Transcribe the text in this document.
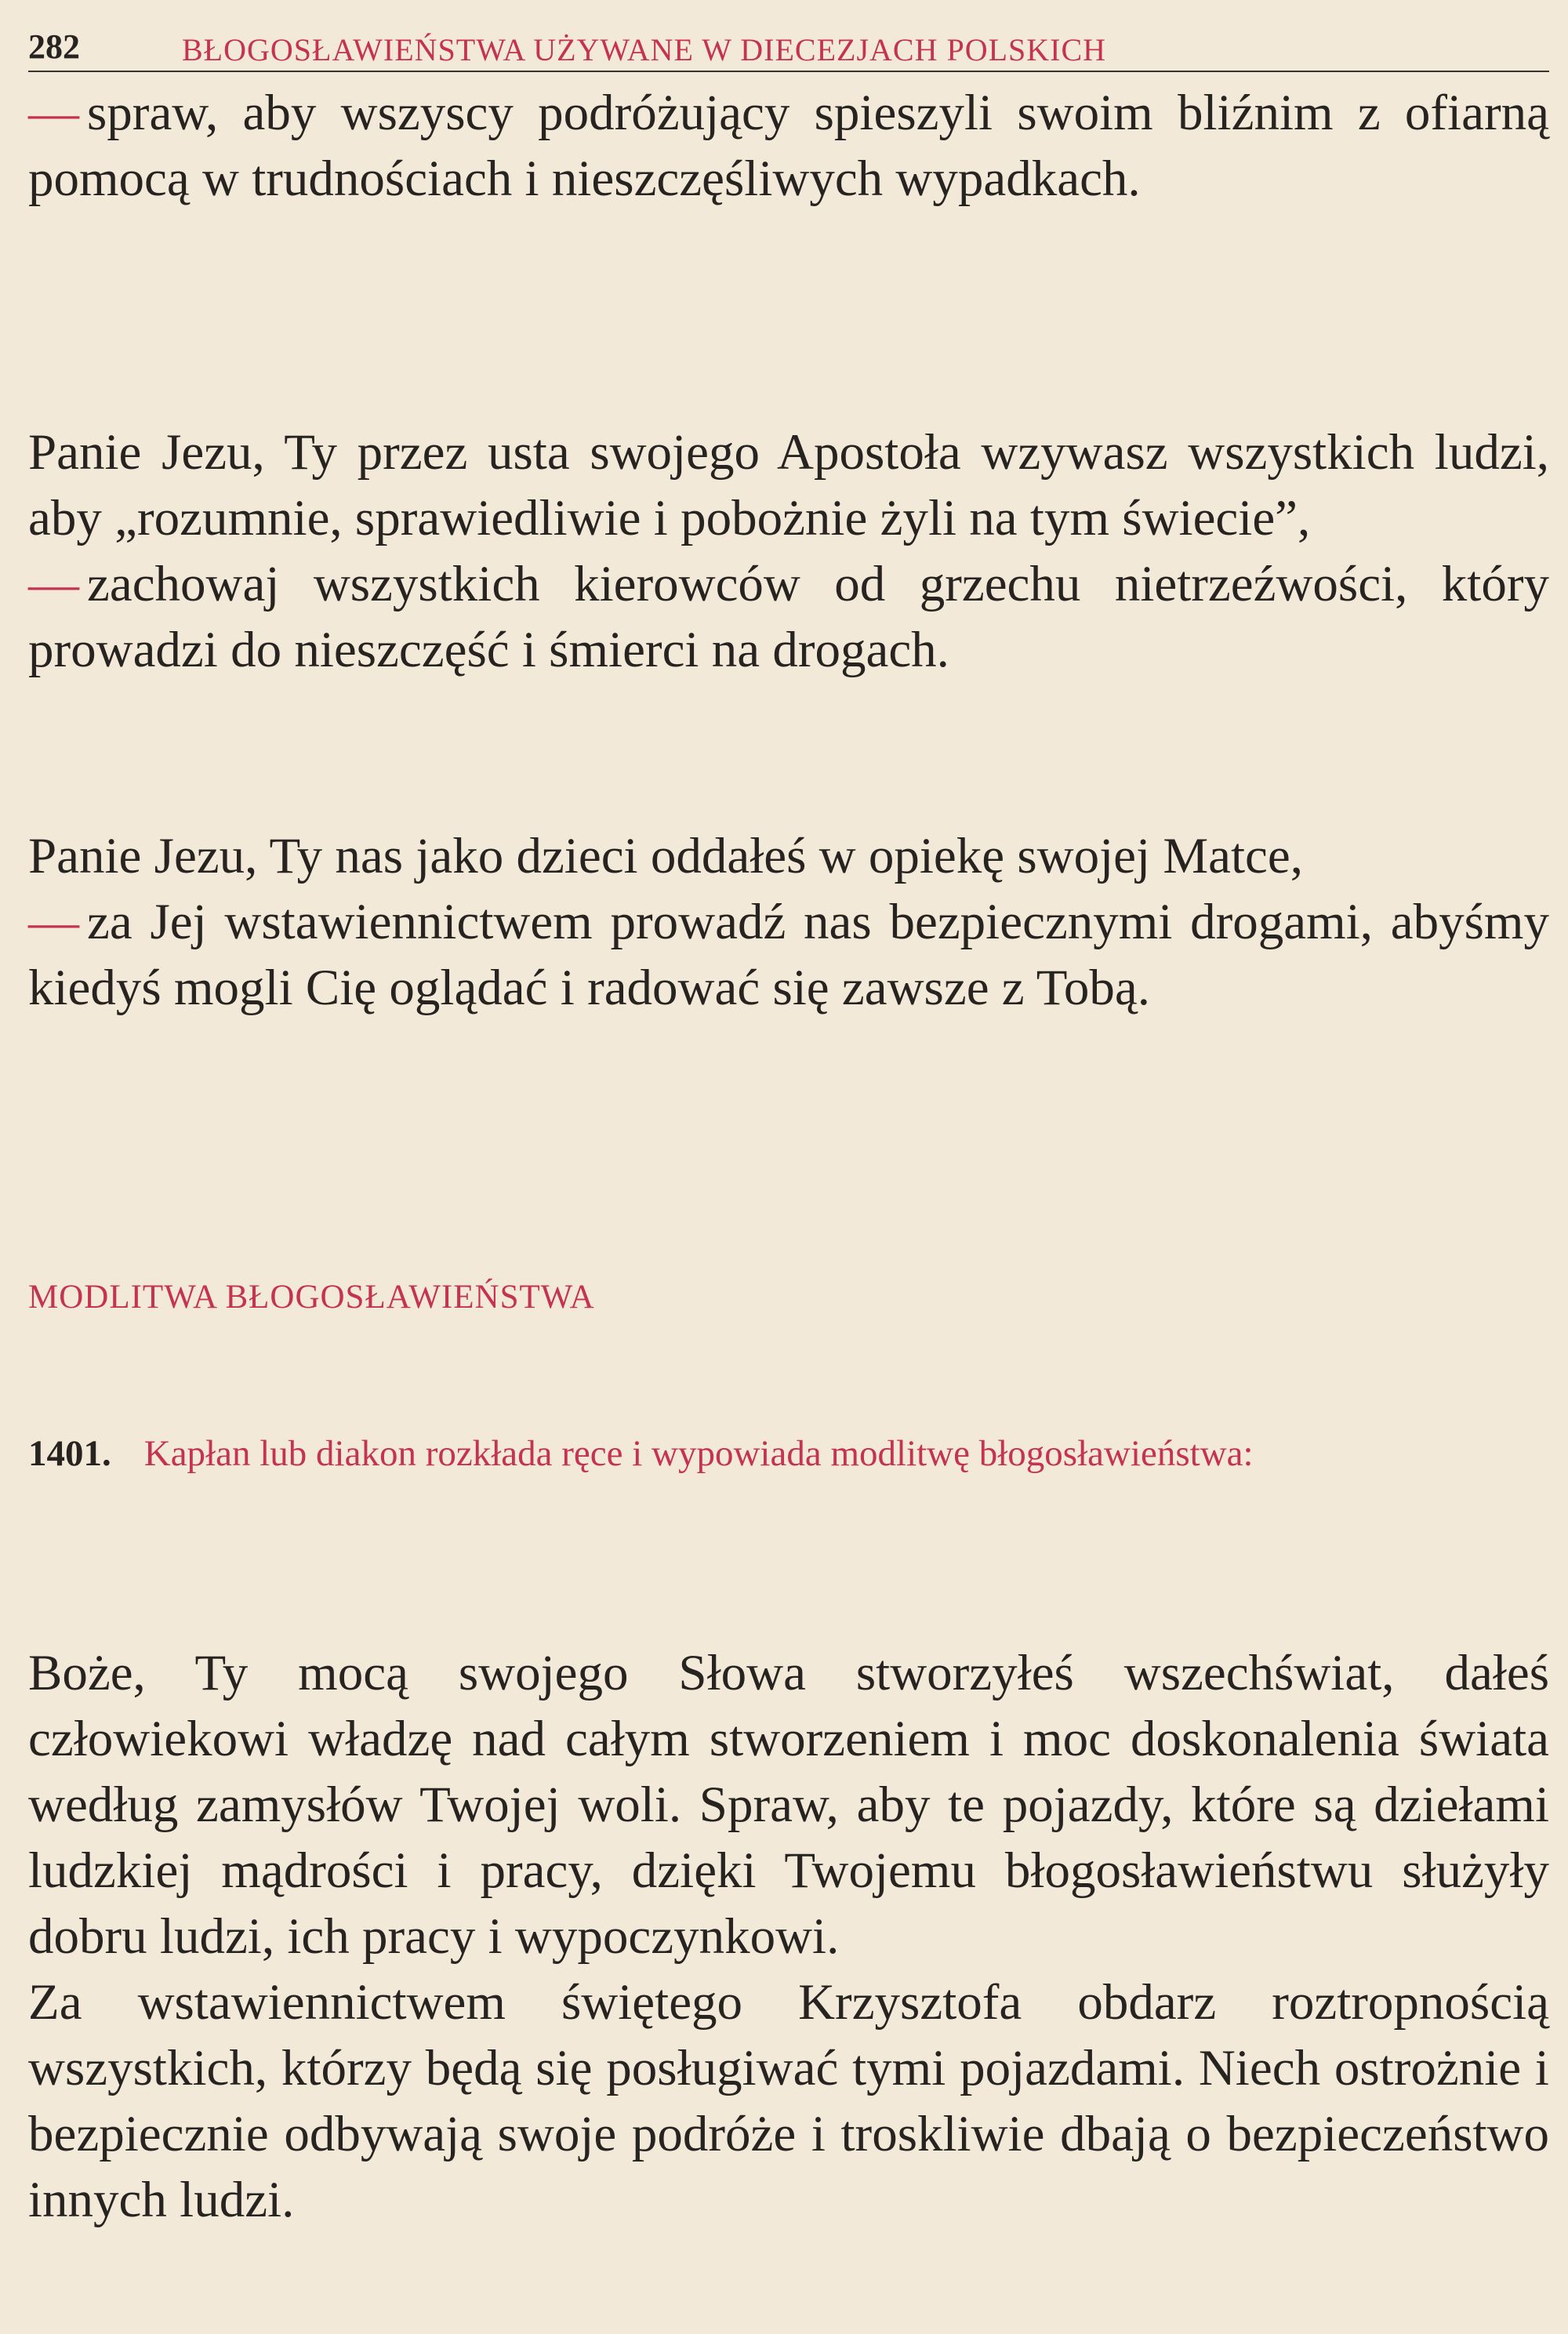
282	BŁOGOSŁAWIEŃSTWA UŻYWANE W DIECEZJACH POLSKICH

— spraw, aby wszyscy podróżujący spieszyli swoim bliźnim z ofiarną pomocą w trudnościach i nieszczęśliwych wypadkach.

Panie Jezu, Ty przez usta swojego Apostoła wzywasz wszystkich ludzi, aby „rozumnie, sprawiedliwie i pobożnie żyli na tym świecie”,

— zachowaj wszystkich kierowców od grzechu nietrzeźwości, który prowadzi do nieszczęść i śmierci na drogach.

Panie Jezu, Ty nas jako dzieci oddałeś w opiekę swojej Matce,

— za Jej wstawiennictwem prowadź nas bezpiecznymi drogami, abyśmy kiedyś mogli Cię oglądać i radować się zawsze z Tobą.

MODLITWA BŁOGOSŁAWIEŃSTWA
1401. Kapłan lub diakon rozkłada ręce i wypowiada modlitwę błogosławieństwa:

Boże, Ty mocą swojego Słowa stworzyłeś wszechświat, dałeś człowiekowi władzę nad całym stworzeniem i moc doskonalenia świata według zamysłów Twojej woli. Spraw, aby te pojazdy, które są dziełami ludzkiej mądrości i pracy, dzięki Twojemu błogosławieństwu służyły dobru ludzi, ich pracy i wypoczynkowi.

Za wstawiennictwem świętego Krzysztofa obdarz roztropnością wszystkich, którzy będą się posługiwać tymi pojazdami. Niech ostrożnie i bezpiecznie odbywają swoje podróże i troskliwie dbają o bezpieczeństwo innych ludzi.
